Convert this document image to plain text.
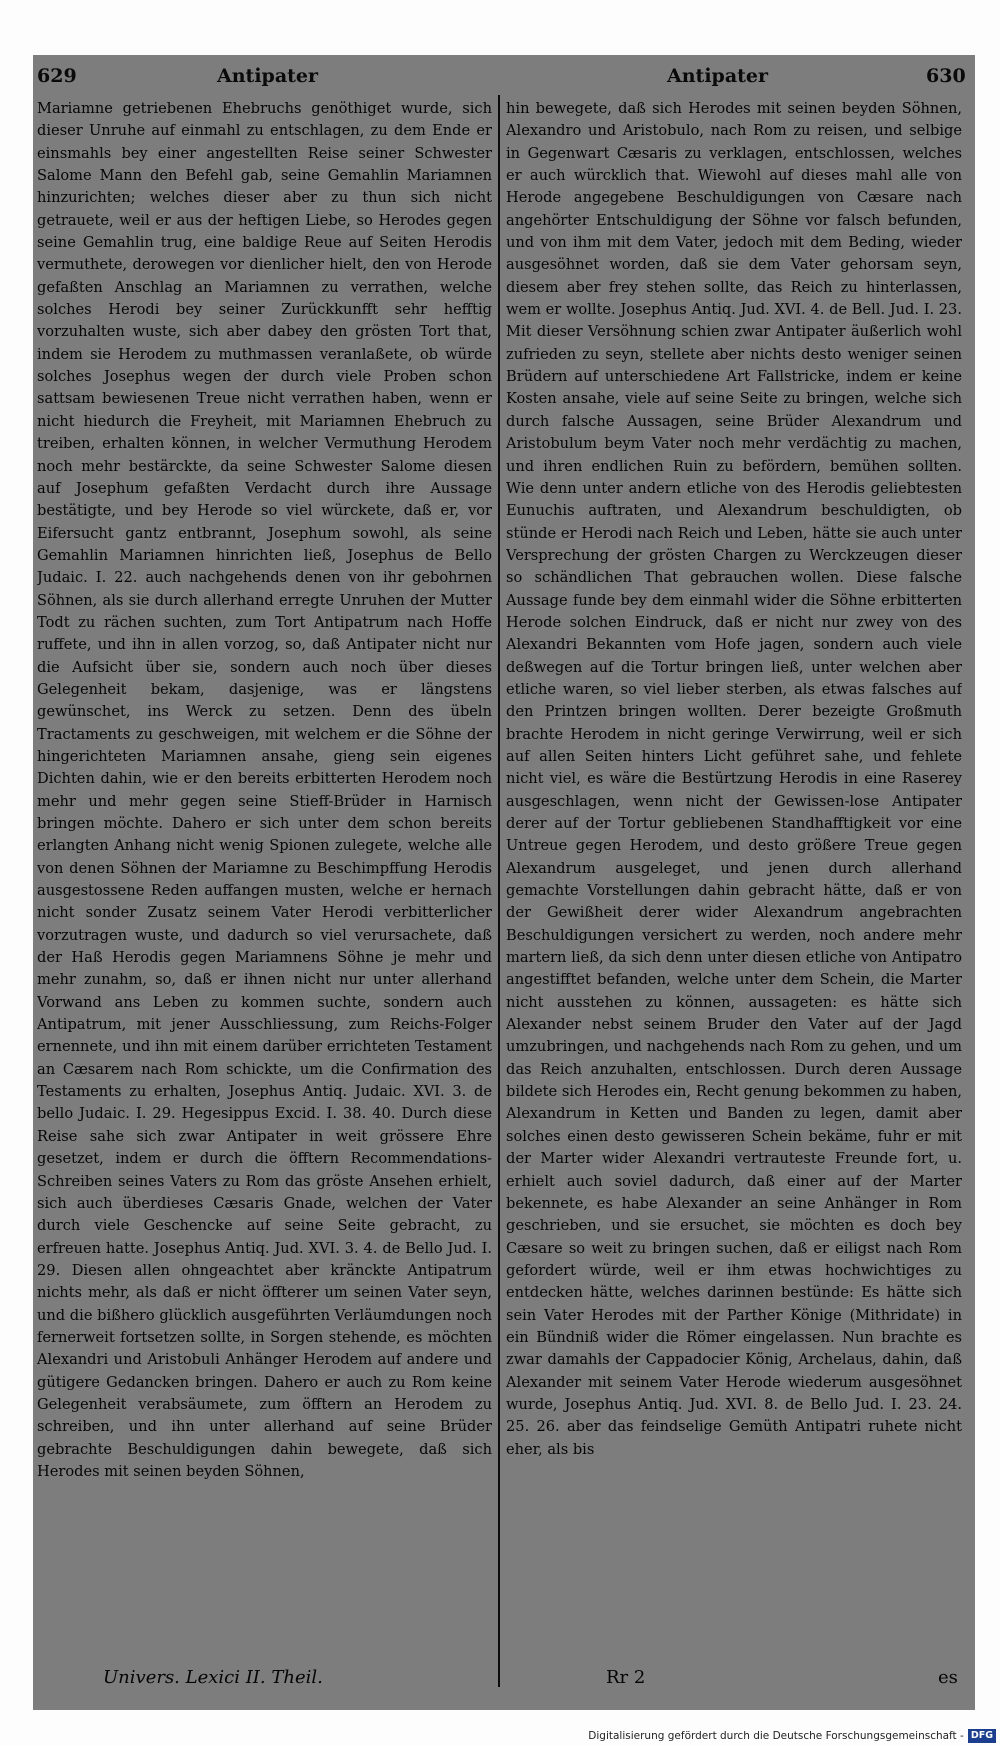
629	Antipater	Antipater	630
Mariamne getriebenen Ehebruchs genöthiget wurde, sich dieser Unruhe auf einmahl zu entschlagen, zu dem Ende er einsmahls bey einer angestellten Reise seiner Schwester Salome Mann den Befehl gab, seine Gemahlin Mariamnen hinzurichten; welches dieser aber zu thun sich nicht getrauete, weil er aus der heftigen Liebe, so Herodes gegen seine Gemahlin trug, eine baldige Reue auf Seiten Herodis vermuthete, derowegen vor dienlicher hielt, den von Herode gefaßten Anschlag an Mariamnen zu verrathen, welche solches Herodi bey seiner Zurückkunfft sehr hefftig vorzuhalten wuste, sich aber dabey den grösten Tort that, indem sie Herodem zu muthmassen veranlaßete, ob würde solches Josephus wegen der durch viele Proben schon sattsam bewiesenen Treue nicht verrathen haben, wenn er nicht hiedurch die Freyheit, mit Mariamnen Ehebruch zu treiben, erhalten können, in welcher Vermuthung Herodem noch mehr bestärckte, da seine Schwester Salome diesen auf Josephum gefaßten Verdacht durch ihre Aussage bestätigte, und bey Herode so viel würckete, daß er, vor Eifersucht gantz entbrannt, Josephum sowohl, als seine Gemahlin Mariamnen hinrichten ließ, Josephus de Bello Judaic. I. 22. auch nachgehends denen von ihr gebohrnen Söhnen, als sie durch allerhand erregte Unruhen der Mutter Todt zu rächen suchten, zum Tort Antipatrum nach Hoffe ruffete, und ihn in allen vorzog, so, daß Antipater nicht nur die Aufsicht über sie, sondern auch noch über dieses Gelegenheit bekam, dasjenige, was er längstens gewünschet, ins Werck zu setzen. Denn des übeln Tractaments zu geschweigen, mit welchem er die Söhne der hingerichteten Mariamnen ansahe, gieng sein eigenes Dichten dahin, wie er den bereits erbitterten Herodem noch mehr und mehr gegen seine Stieff-Brüder in Harnisch bringen möchte. Dahero er sich unter dem schon bereits erlangten Anhang nicht wenig Spionen zulegete, welche alle von denen Söhnen der Mariamne zu Beschimpffung Herodis ausgestossene Reden auffangen musten, welche er hernach nicht sonder Zusatz seinem Vater Herodi verbitterlicher vorzutragen wuste, und dadurch so viel verursachete, daß der Haß Herodis gegen Mariamnens Söhne je mehr und mehr zunahm, so, daß er ihnen nicht nur unter allerhand Vorwand ans Leben zu kommen suchte, sondern auch Antipatrum, mit jener Ausschliessung, zum Reichs-Folger ernennete, und ihn mit einem darüber errichteten Testament an Cæsarem nach Rom schickte, um die Confirmation des Testaments zu erhalten, Josephus Antiq. Judaic. XVI. 3. de bello Judaic. I. 29. Hegesippus Excid. I. 38. 40. Durch diese Reise sahe sich zwar Antipater in weit grössere Ehre gesetzet, indem er durch die öfftern Recommendations-Schreiben seines Vaters zu Rom das gröste Ansehen erhielt, sich auch überdieses Cæsaris Gnade, welchen der Vater durch viele Geschencke auf seine Seite gebracht, zu erfreuen hatte. Josephus Antiq. Jud. XVI. 3. 4. de Bello Jud. I. 29. Diesen allen ohngeachtet aber kränckte Antipatrum nichts mehr, als daß er nicht öffterer um seinen Vater seyn, und die bißhero glücklich ausgeführten Verläumdungen noch fernerweit fortsetzen sollte, in Sorgen stehende, es möchten Alexandri und Aristobuli Anhänger Herodem auf andere und gütigere Gedancken bringen. Dahero er auch zu Rom keine Gelegenheit verabsäumete, zum öfftern an Herodem zu schreiben, und ihn unter allerhand auf seine Brüder gebrachte Beschuldigungen dahin bewegete, daß sich Herodes mit seinen beyden Söhnen,
hin bewegete, daß sich Herodes mit seinen beyden Söhnen, Alexandro und Aristobulo, nach Rom zu reisen, und selbige in Gegenwart Cæsaris zu verklagen, entschlossen, welches er auch würcklich that. Wiewohl auf dieses mahl alle von Herode angegebene Beschuldigungen von Cæsare nach angehörter Entschuldigung der Söhne vor falsch befunden, und von ihm mit dem Vater, jedoch mit dem Beding, wieder ausgesöhnet worden, daß sie dem Vater gehorsam seyn, diesem aber frey stehen sollte, das Reich zu hinterlassen, wem er wollte. Josephus Antiq. Jud. XVI. 4. de Bell. Jud. I. 23. Mit dieser Versöhnung schien zwar Antipater äußerlich wohl zufrieden zu seyn, stellete aber nichts desto weniger seinen Brüdern auf unterschiedene Art Fallstricke, indem er keine Kosten ansahe, viele auf seine Seite zu bringen, welche sich durch falsche Aussagen, seine Brüder Alexandrum und Aristobulum beym Vater noch mehr verdächtig zu machen, und ihren endlichen Ruin zu befördern, bemühen sollten. Wie denn unter andern etliche von des Herodis geliebtesten Eunuchis auftraten, und Alexandrum beschuldigten, ob stünde er Herodi nach Reich und Leben, hätte sie auch unter Versprechung der grösten Chargen zu Werckzeugen dieser so schändlichen That gebrauchen wollen. Diese falsche Aussage funde bey dem einmahl wider die Söhne erbitterten Herode solchen Eindruck, daß er nicht nur zwey von des Alexandri Bekannten vom Hofe jagen, sondern auch viele deßwegen auf die Tortur bringen ließ, unter welchen aber etliche waren, so viel lieber sterben, als etwas falsches auf den Printzen bringen wollten. Derer bezeigte Großmuth brachte Herodem in nicht geringe Verwirrung, weil er sich auf allen Seiten hinters Licht geführet sahe, und fehlete nicht viel, es wäre die Bestürtzung Herodis in eine Raserey ausgeschlagen, wenn nicht der Gewissen-lose Antipater derer auf der Tortur gebliebenen Standhafftigkeit vor eine Untreue gegen Herodem, und desto größere Treue gegen Alexandrum ausgeleget, und jenen durch allerhand gemachte Vorstellungen dahin gebracht hätte, daß er von der Gewißheit derer wider Alexandrum angebrachten Beschuldigungen versichert zu werden, noch andere mehr martern ließ, da sich denn unter diesen etliche von Antipatro angestifftet befanden, welche unter dem Schein, die Marter nicht ausstehen zu können, aussageten: es hätte sich Alexander nebst seinem Bruder den Vater auf der Jagd umzubringen, und nachgehends nach Rom zu gehen, und um das Reich anzuhalten, entschlossen. Durch deren Aussage bildete sich Herodes ein, Recht genung bekommen zu haben, Alexandrum in Ketten und Banden zu legen, damit aber solches einen desto gewisseren Schein bekäme, fuhr er mit der Marter wider Alexandri vertrauteste Freunde fort, u. erhielt auch soviel dadurch, daß einer auf der Marter bekennete, es habe Alexander an seine Anhänger in Rom geschrieben, und sie ersuchet, sie möchten es doch bey Cæsare so weit zu bringen suchen, daß er eiligst nach Rom gefordert würde, weil er ihm etwas hochwichtiges zu entdecken hätte, welches darinnen bestünde: Es hätte sich sein Vater Herodes mit der Parther Könige (Mithridate) in ein Bündniß wider die Römer eingelassen. Nun brachte es zwar damahls der Cappadocier König, Archelaus, dahin, daß Alexander mit seinem Vater Herode wiederum ausgesöhnet wurde, Josephus Antiq. Jud. XVI. 8. de Bello Jud. I. 23. 24. 25. 26. aber das feindselige Gemüth Antipatri ruhete nicht eher, als bis
Univers. Lexici II. Theil.	Rr 2	es
Digitalisierung gefördert durch die Deutsche Forschungsgemeinschaft - DFG
